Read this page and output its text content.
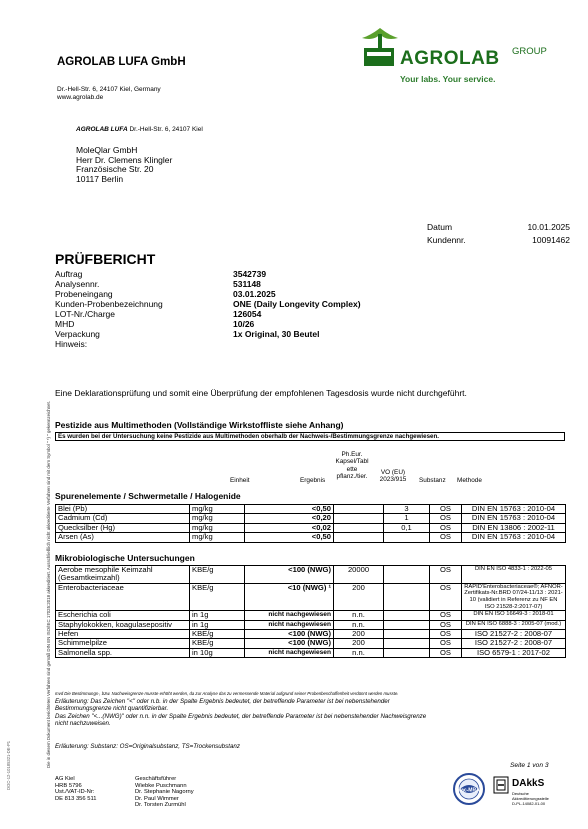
AGROLAB LUFA GmbH
Dr.-Hell-Str. 6, 24107 Kiel, Germany
www.agrolab.de
AGROLAB GROUP
Your labs. Your service.
AGROLAB LUFA Dr.-Hell-Str. 6, 24107 Kiel
MoleQlar GmbH
Herr Dr. Clemens Klingler
Französische Str. 20
10117 Berlin
Datum	10.01.2025
Kundennr.	10091462
PRÜFBERICHT
Auftrag	3542739
Analysennr.	531148
Probeneingang	03.01.2025
Kunden-Probenbezeichnung	ONE (Daily Longevity Complex)
LOT-Nr./Charge	126054
MHD	10/26
Verpackung	1x Original, 30 Beutel
Hinweis:
Eine Deklarationsprüfung und somit eine Überprüfung der empfohlenen Tagesdosis wurde nicht durchgeführt.
Pestizide aus Multimethoden (Vollständige Wirkstoffliste siehe Anhang)
Es wurden bei der Untersuchung keine Pestizide aus Multimethoden oberhalb der Nachweis-/Bestimmungsgrenze nachgewiesen.
Einheit	Ergebnis
Ph.Eur.
Kapsel/Tabl
ette
pflanz./tier.
VO (EU)
2023/915	Substanz Methode
Spurenelemente / Schwermetalle / Halogenide
Blei (Pb)	mg/kg	<0,50		3	OS	DIN EN 15763 : 2010-04
Cadmium (Cd)	mg/kg	<0,20		1	OS	DIN EN 15763 : 2010-04
Quecksilber (Hg)	mg/kg	<0,02		0,1	OS	DIN EN 13806 : 2002-11
Arsen (As)	mg/kg	<0,50			OS	DIN EN 15763 : 2010-04
Mikrobiologische Untersuchungen
Aerobe mesophile Keimzahl (Gesamtkeimzahl)	KBE/g	<100 (NWG)	20000		OS	DIN EN ISO 4833-1 : 2022-05
Enterobacteriaceae	KBE/g	<10 (NWG) ¹	200		OS	RAPID'Enterobacteriaceae®; AFNOR-Zertifikats-Nr.BRD 07/24-11/13 : 2021-10 (validiert in Referenz zu NF EN ISO 21528-2:2017-07)
Escherichia coli	in 1g	nicht nachgewiesen	n.n.		OS	DIN EN ISO 16649-3 : 2018-01
Staphylokokken, koagulasepositiv	in 1g	nicht nachgewiesen	n.n.		OS	DIN EN ISO 6888-3 : 2005-07 (mod.)
Hefen	KBE/g	<100 (NWG)	200		OS	ISO 21527-2 : 2008-07
Schimmelpilze	KBE/g	<100 (NWG)	200		OS	ISO 21527-2 : 2008-07
Salmonella spp.	in 10g	nicht nachgewiesen	n.n.		OS	ISO 6579-1 : 2017-02
mvd Die Bestimmungs-, bzw. Nachweisgrenze musste erhöht werden, da zur Analyse das zu vermessende Material aufgrund seiner Probenbeschaffenheit verdünnt werden musste.
Erläuterung: Das Zeichen "<" oder n.b. in der Spalte Ergebnis bedeutet, der betreffende Parameter ist bei nebenstehender
Bestimmungsgrenze nicht quantifizierbar.
Das Zeichen "<...(NWG)" oder n.n. in der Spalte Ergebnis bedeutet, der betreffende Parameter ist bei nebenstehender Nachweisgrenze
nicht nachzuweisen.
Erläuterung: Substanz: OS=Originalsubstanz, TS=Trockensubstanz
Seite 1 von 3
Die in diesem Dokument berichteten Verfahren sind gemäß DIN EN ISO/IEC 17025:2018 akkreditiert. Ausschließlich nicht akkreditierte Verfahren sind mit dem Symbol " *) " gekennzeichnet.
DOC-12-10185321-DE-P1	AG Kiel
HRB 5796
Ust./VAT-ID-Nr:
DE 813 356 511
Geschäftsführer
Wiebke Puschmann
Dr. Stephanie Nagorny
Dr. Paul Wimmer
Dr. Torsten Zurmühl
ilac-MRA
DAkkS
Deutsche
Akkreditierungsstelle
D-PL-14082-01-00
